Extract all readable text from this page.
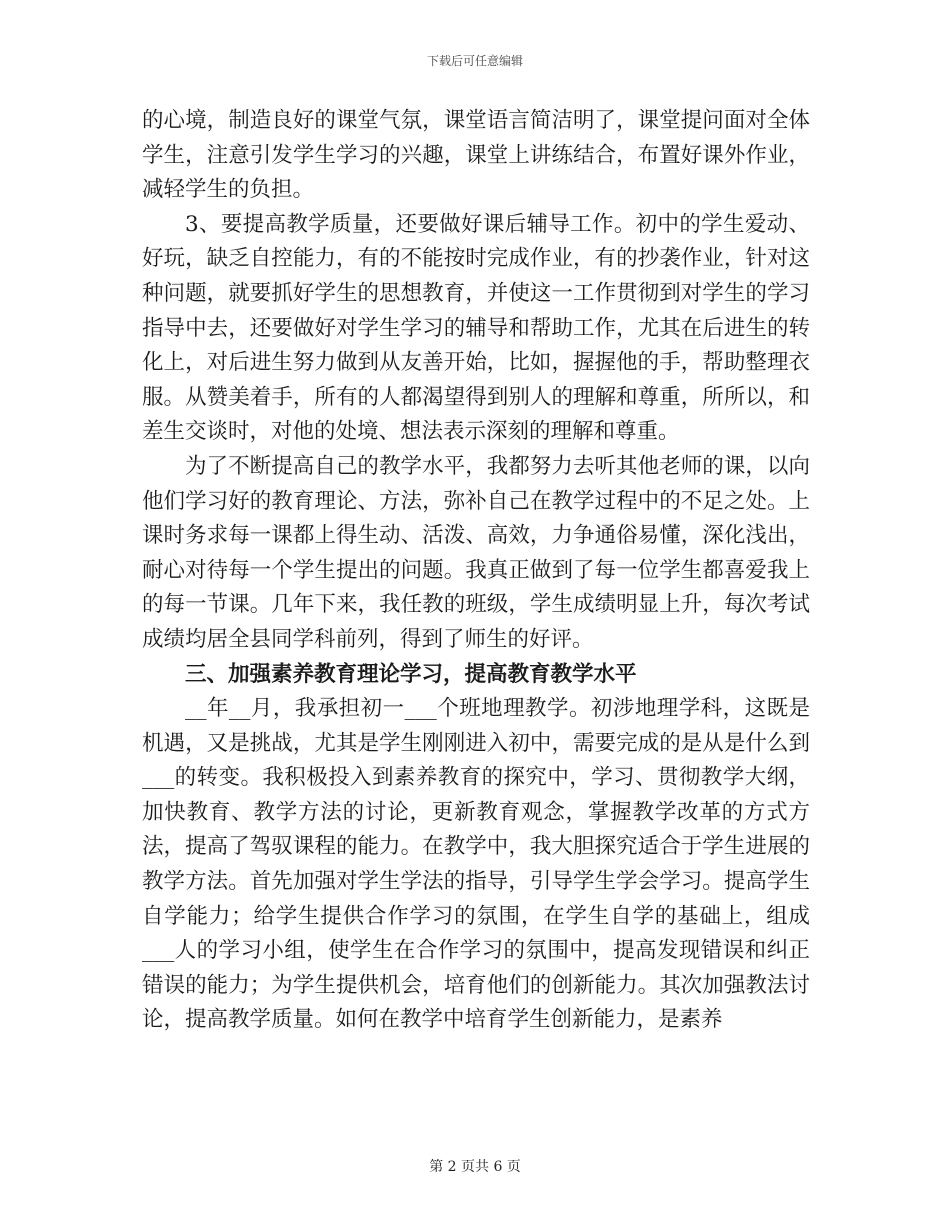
下载后可任意编辑

的心境，制造良好的课堂气氛，课堂语言简洁明了，课堂提问面对全体学生，注意引发学生学习的兴趣，课堂上讲练结合，布置好课外作业，减轻学生的负担。

3、要提高教学质量，还要做好课后辅导工作。初中的学生爱动、好玩，缺乏自控能力，有的不能按时完成作业，有的抄袭作业，针对这种问题，就要抓好学生的思想教育，并使这一工作贯彻到对学生的学习指导中去，还要做好对学生学习的辅导和帮助工作，尤其在后进生的转化上，对后进生努力做到从友善开始，比如，握握他的手，帮助整理衣服。从赞美着手，所有的人都渴望得到别人的理解和尊重，所所以，和差生交谈时，对他的处境、想法表示深刻的理解和尊重。

为了不断提高自己的教学水平，我都努力去听其他老师的课，以向他们学习好的教育理论、方法，弥补自己在教学过程中的不足之处。上课时务求每一课都上得生动、活泼、高效，力争通俗易懂，深化浅出，耐心对待每一个学生提出的问题。我真正做到了每一位学生都喜爱我上的每一节课。几年下来，我任教的班级，学生成绩明显上升，每次考试成绩均居全县同学科前列，得到了师生的好评。

三、加强素养教育理论学习，提高教育教学水平

__年__月，我承担初一___个班地理教学。初涉地理学科，这既是机遇，又是挑战，尤其是学生刚刚进入初中，需要完成的是从是什么到___的转变。我积极投入到素养教育的探究中，学习、贯彻教学大纲，加快教育、教学方法的讨论，更新教育观念，掌握教学改革的方式方法，提高了驾驭课程的能力。在教学中，我大胆探究适合于学生进展的教学方法。首先加强对学生学法的指导，引导学生学会学习。提高学生自学能力；给学生提供合作学习的氛围，在学生自学的基础上，组成___人的学习小组，使学生在合作学习的氛围中，提高发现错误和纠正错误的能力；为学生提供机会，培育他们的创新能力。其次加强教法讨论，提高教学质量。如何在教学中培育学生创新能力，是素养

第 2 页共 6 页
